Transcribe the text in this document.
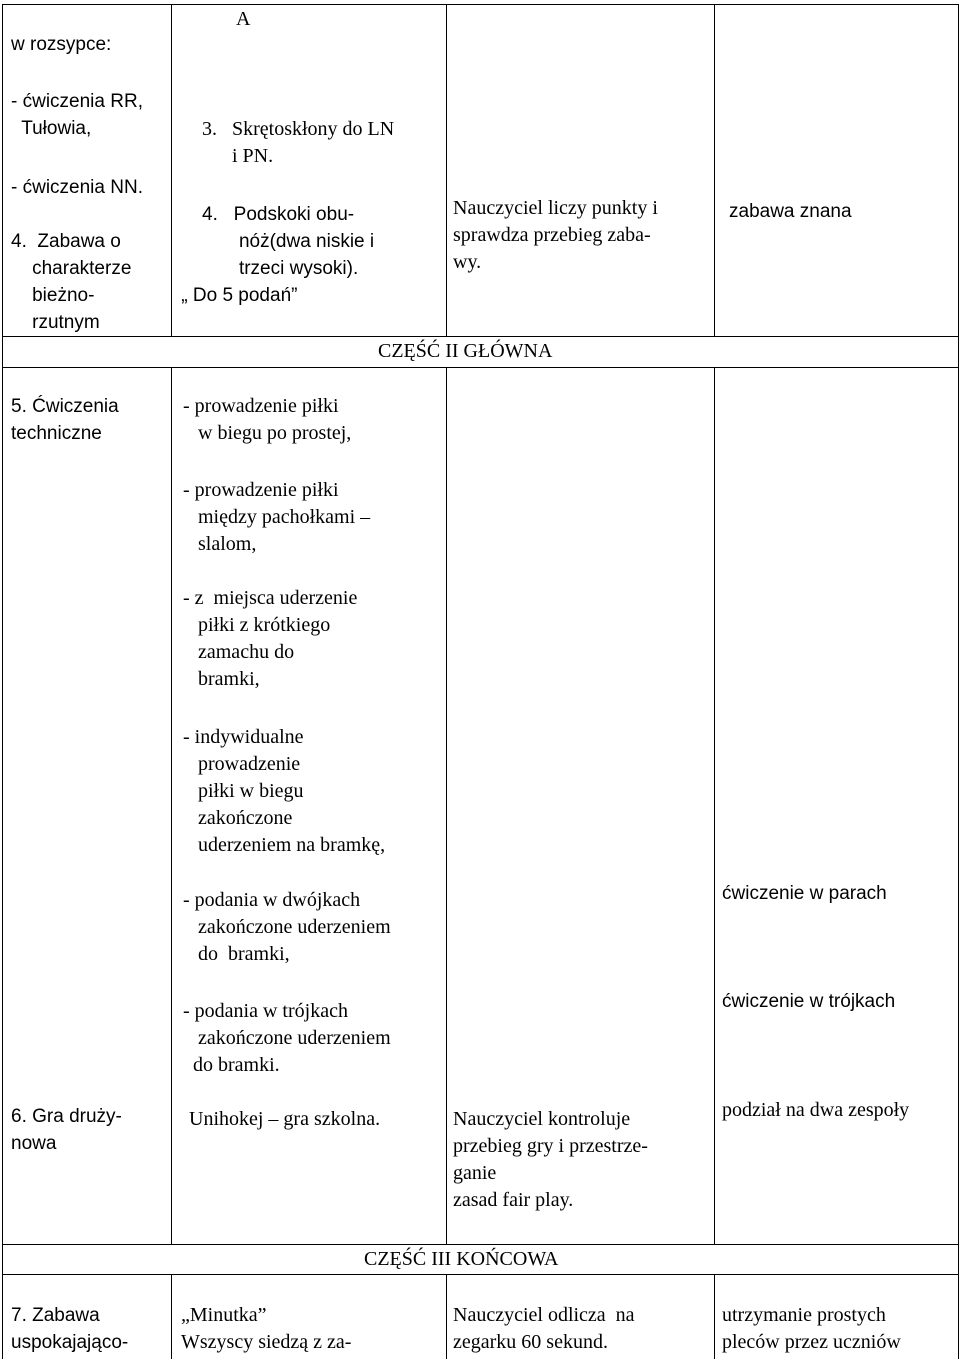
w rozsypce:
- ćwiczenia RR,
Tułowia,
- ćwiczenia NN.
4.  Zabawa o
charakterze
bieżno-
rzutnym
A
3.   Skrętoskłony do LN
i PN.
4.   Podskoki obu-
nóż(dwa niskie i
trzeci wysoki).
„ Do 5 podań”
Nauczyciel liczy punkty i
sprawdza przebieg zaba-
wy.
zabawa znana
CZĘŚĆ II GŁÓWNA
5. Ćwiczenia
techniczne
- prowadzenie piłki
w biegu po prostej,
- prowadzenie piłki
między pachołkami –
slalom,
- z  miejsca uderzenie
piłki z krótkiego
zamachu do
bramki,
- indywidualne
prowadzenie
piłki w biegu
zakończone
uderzeniem na bramkę,
- podania w dwójkach
zakończone uderzeniem
do  bramki,
- podania w trójkach
zakończone uderzeniem
do bramki.
ćwiczenie w parach
ćwiczenie w trójkach
6. Gra druży-
nowa
Unihokej – gra szkolna.	Nauczyciel kontroluje
przebieg gry i przestrze-
ganie
zasad fair play.
podział na dwa zespoły
CZĘŚĆ III KOŃCOWA
7. Zabawa
uspokajająco-
„Minutka”
Wszyscy siedzą z za-
Nauczyciel odlicza  na
zegarku 60 sekund.
utrzymanie prostych
pleców przez uczniów
